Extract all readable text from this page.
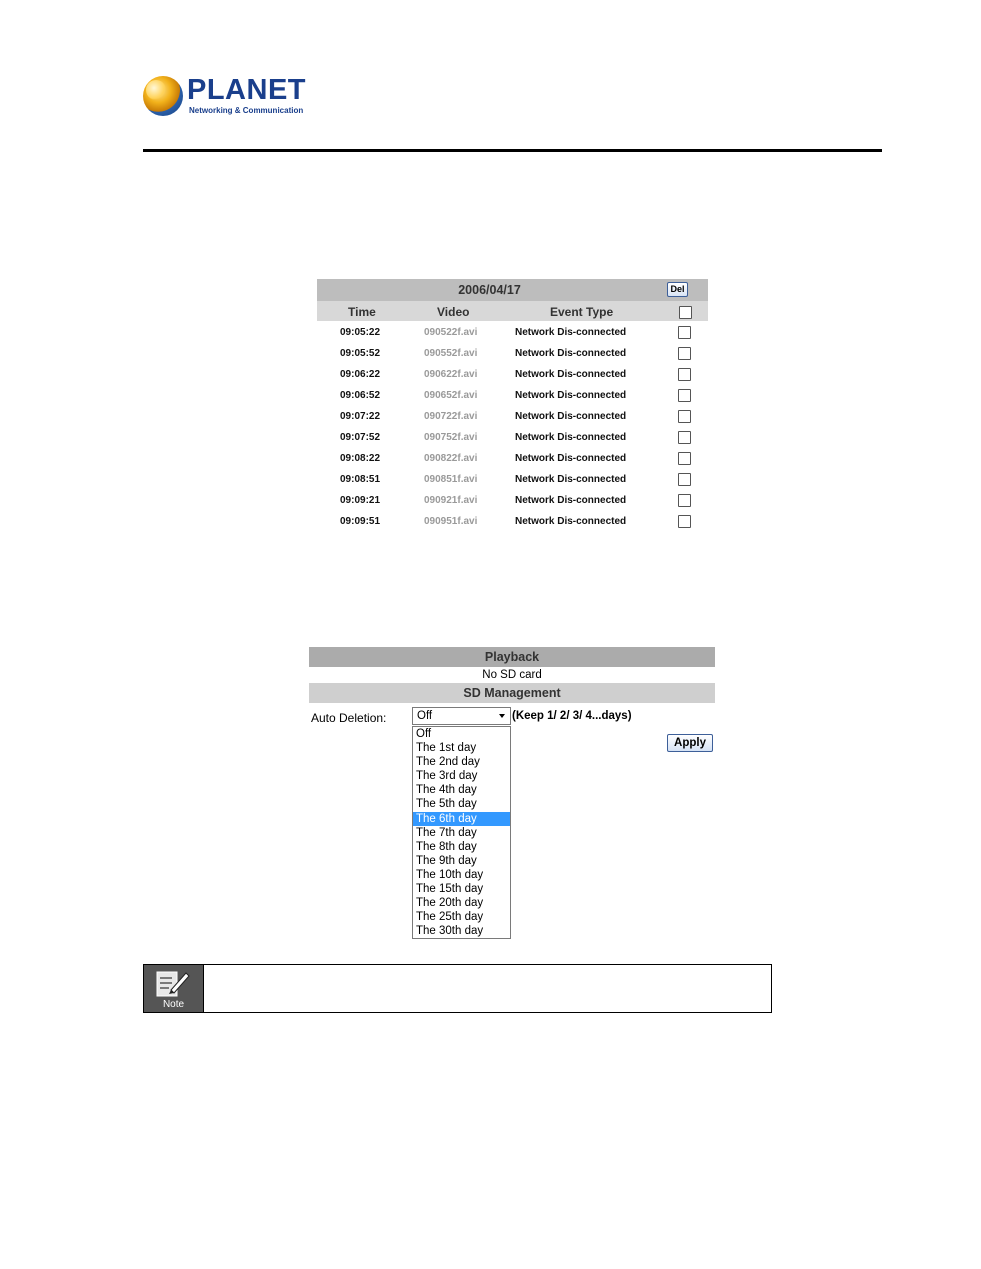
PLANET
Networking & Communication
2006/04/17	Del
Time	Video	Event Type
09:05:22	090522f.avi	Network Dis-connected
09:05:52	090552f.avi	Network Dis-connected
09:06:22	090622f.avi	Network Dis-connected
09:06:52	090652f.avi	Network Dis-connected
09:07:22	090722f.avi	Network Dis-connected
09:07:52	090752f.avi	Network Dis-connected
09:08:22	090822f.avi	Network Dis-connected
09:08:51	090851f.avi	Network Dis-connected
09:09:21	090921f.avi	Network Dis-connected
09:09:51	090951f.avi	Network Dis-connected
Playback
No SD card
SD Management
Auto Deletion:	Off	(Keep 1/ 2/ 3/ 4...days)
Apply
Off
The 1st day
The 2nd day
The 3rd day
The 4th day
The 5th day
The 6th day
The 7th day
The 8th day
The 9th day
The 10th day
The 15th day
The 20th day
The 25th day
The 30th day
Note
